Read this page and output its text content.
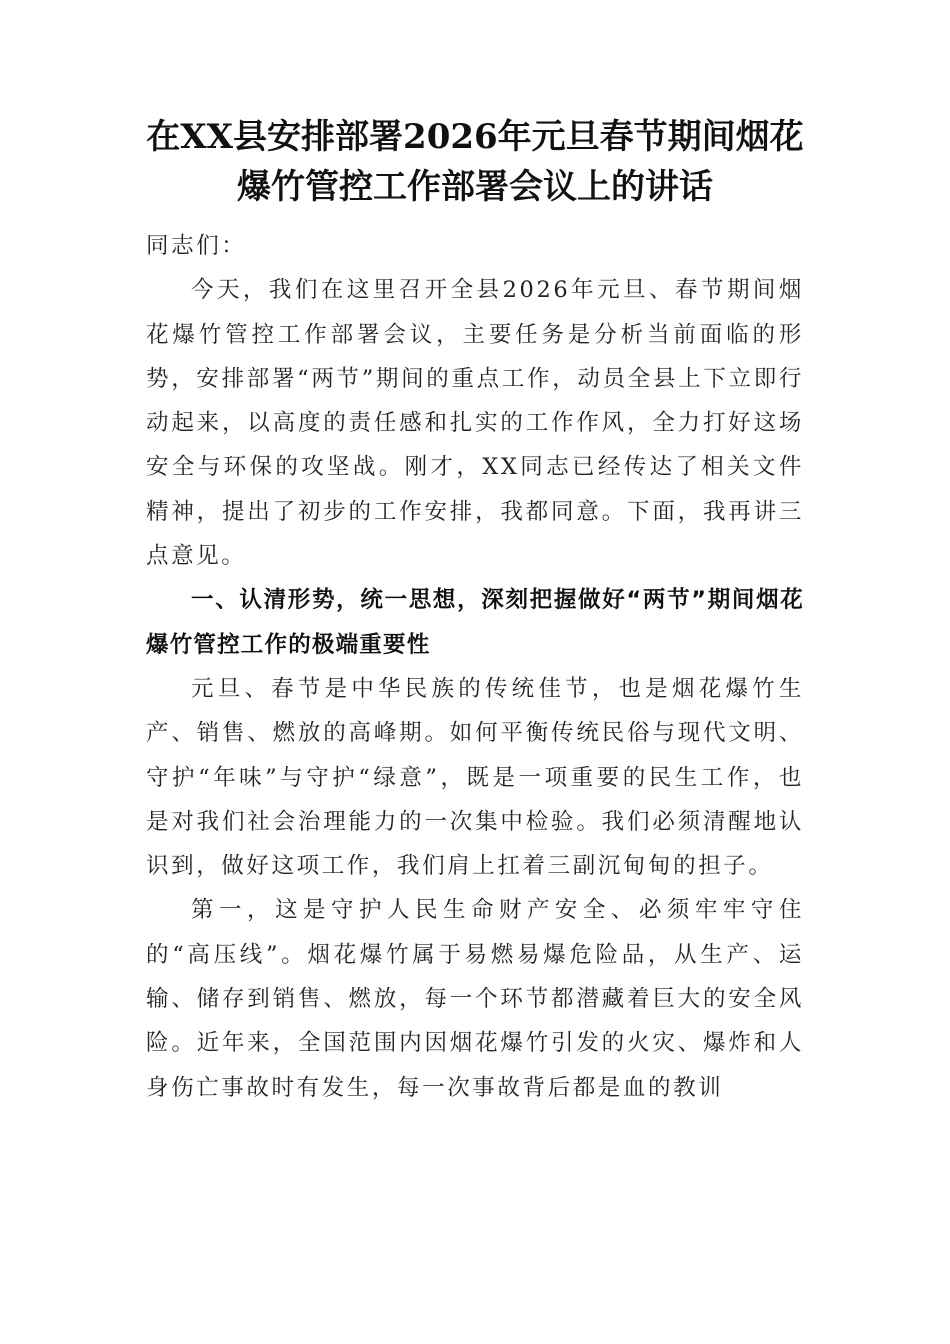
在XX县安排部署2026年元旦春节期间烟花爆竹管控工作部署会议上的讲话

同志们：

今天，我们在这里召开全县2026年元旦、春节期间烟花爆竹管控工作部署会议，主要任务是分析当前面临的形势，安排部署“两节”期间的重点工作，动员全县上下立即行动起来，以高度的责任感和扎实的工作作风，全力打好这场安全与环保的攻坚战。刚才，XX同志已经传达了相关文件精神，提出了初步的工作安排，我都同意。下面，我再讲三点意见。

一、认清形势，统一思想，深刻把握做好“两节”期间烟花爆竹管控工作的极端重要性

元旦、春节是中华民族的传统佳节，也是烟花爆竹生产、销售、燃放的高峰期。如何平衡传统民俗与现代文明、守护“年味”与守护“绿意”，既是一项重要的民生工作，也是对我们社会治理能力的一次集中检验。我们必须清醒地认识到，做好这项工作，我们肩上扛着三副沉甸甸的担子。

第一，这是守护人民生命财产安全、必须牢牢守住的“高压线”。烟花爆竹属于易燃易爆危险品，从生产、运输、储存到销售、燃放，每一个环节都潜藏着巨大的安全风险。近年来，全国范围内因烟花爆竹引发的火灾、爆炸和人身伤亡事故时有发生，每一次事故背后都是血的教训
